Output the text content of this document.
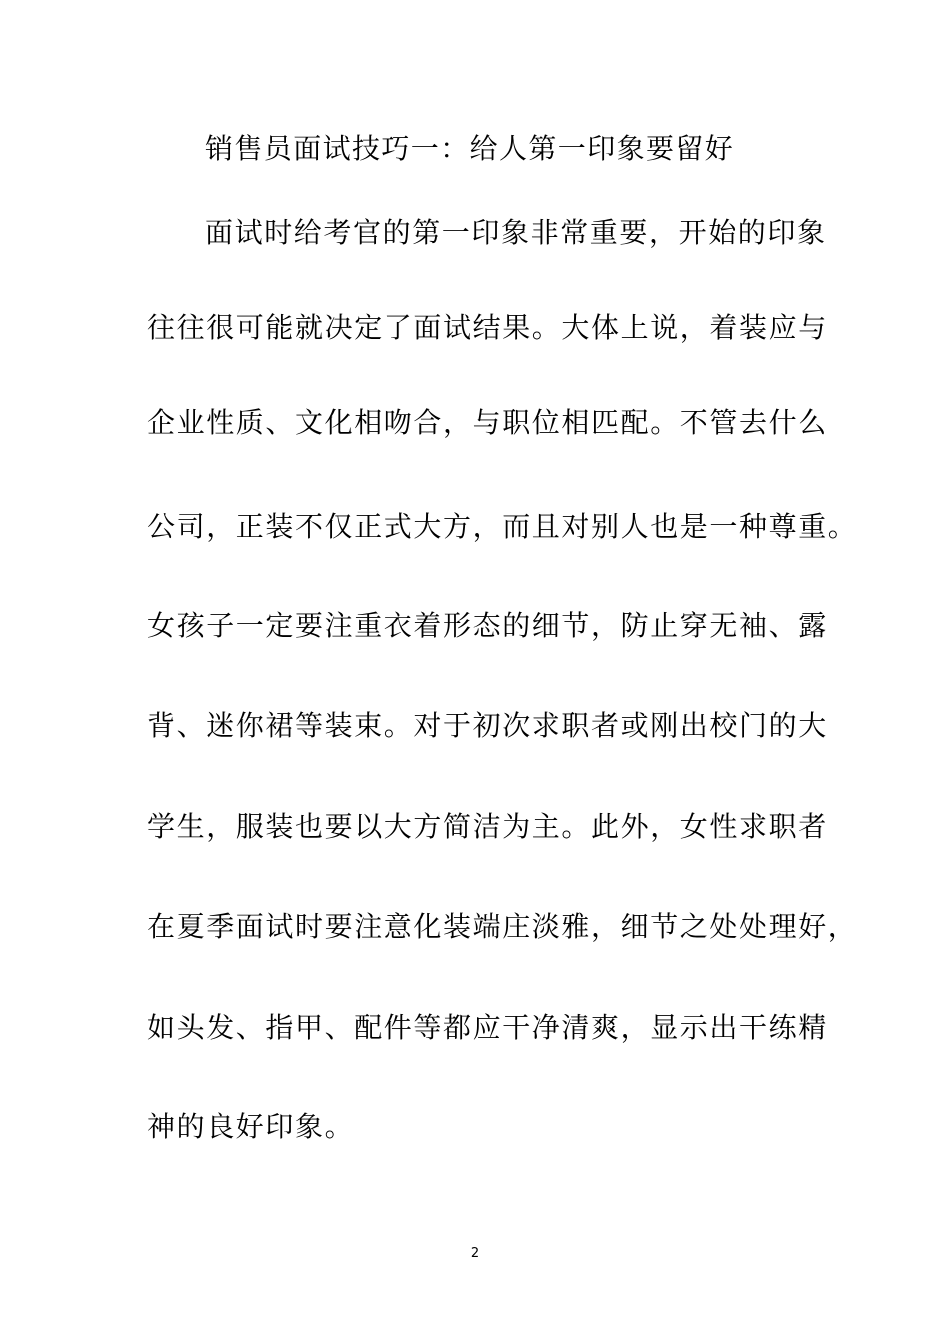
销售员面试技巧一：给人第一印象要留好
面试时给考官的第一印象非常重要，开始的印象
往往很可能就决定了面试结果。大体上说，着装应与
企业性质、文化相吻合，与职位相匹配。不管去什么
公司，正装不仅正式大方，而且对别人也是一种尊重。
女孩子一定要注重衣着形态的细节，防止穿无袖、露
背、迷你裙等装束。对于初次求职者或刚出校门的大
学生，服装也要以大方简洁为主。此外，女性求职者
在夏季面试时要注意化装端庄淡雅，细节之处处理好，
如头发、指甲、配件等都应干净清爽，显示出干练精
神的良好印象。
2
